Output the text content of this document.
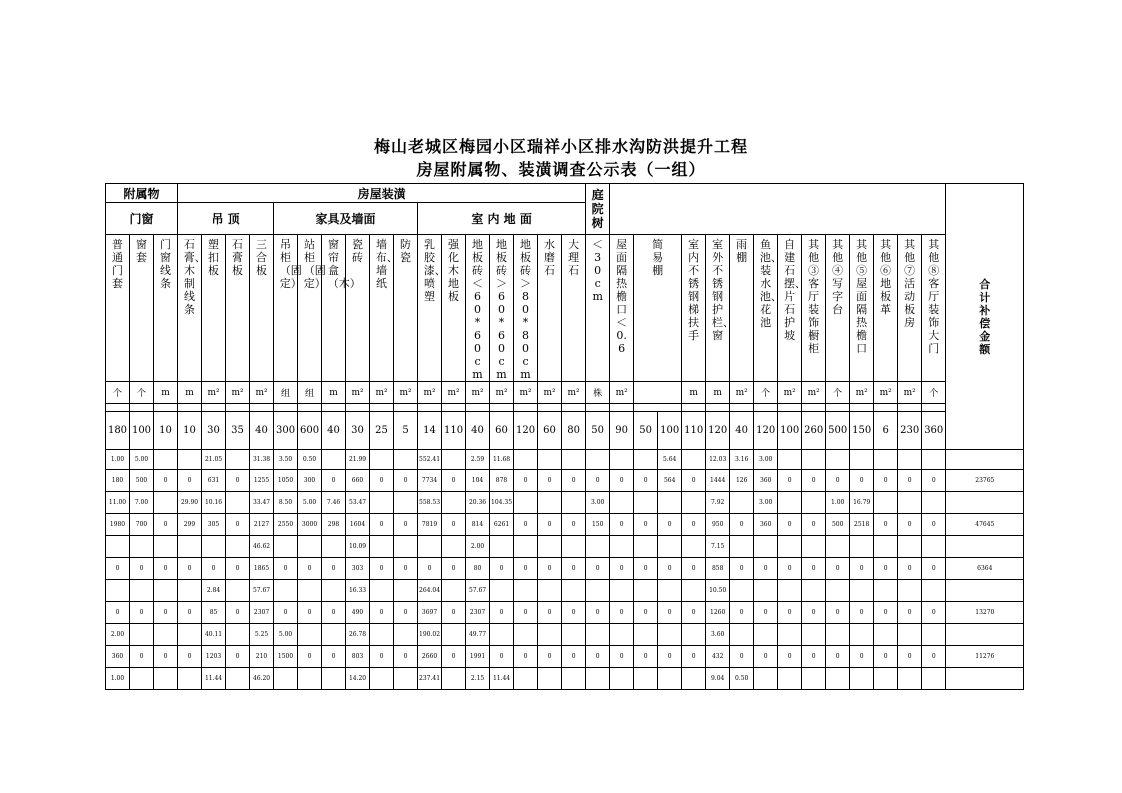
梅山老城区梅园小区瑞祥小区排水沟防洪提升工程
房屋附属物、装潢调查公示表（一组）
附属物			房屋装潢																	庭院树															合计补偿金额

门窗			吊 顶				家具及墙面						室 内 地 面																						

普通门套	窗套	门窗线条	石膏、木制线条	塑扣板	石膏板	三合板	吊柜（固定）	站柜（固定）	窗帘盒（木）	瓷砖	墙布、墙纸	防瓷	乳胶漆、喷塑	强化木地板	地板砖＜60*60cm	地板砖＞60*60cm	地板砖＞80*80cm	水磨石	大理石	＜30cm	屋面隔热檐口＜0.6	简易棚		室内不锈钢梯扶手	室外不锈钢护栏、窗	雨棚	鱼池、装水池、花池	自建石摆、片石护坡	其他③客厅装饰橱柜	其他④写字台	其他⑤屋面隔热檐口	其他⑥地板革	其他⑦活动板房	其他⑧客厅装饰大门	

个	个	m	m	m²	m²	m²	组	组	m	m²	m²	m²	m²	m²	m²	m²	m²	m²	m²	株	m²			m	m	m²	个	m²	m²	个	m²	m²	m²	个	

180	100	10	10	30	35	40	300	600	40	30	25	5	14	110	40	60	120	60	80	50	90	50	100	110	120	40	120	100	260	500	150	6	230	360	
1.00	5.00			21.05		31.38	3.50	0.50		21.99			552.41		2.59	11.68							5.64		12.03	3.16	3.00								
180	500	0	0	631	0	1255	1050	300	0	660	0	0	7734	0	104	878	0	0	0	0	0	0	564	0	1444	126	360	0	0	0	0	0	0	0	23765
11.00	7.00		29.90	10.16		33.47	8.50	5.00	7.46	53.47			558.53		20.36	104.35				3.00					7.92		3.00			1.00	16.79				
1980	700	0	299	305	0	2127	2550	3000	298	1604	0	0	7819	0	814	6261	0	0	0	150	0	0	0	0	950	0	360	0	0	500	2518	0	0	0	47645
						46.62				10.09					2.00										7.15										
0	0	0	0	0	0	1865	0	0	0	303	0	0	0	0	80	0	0	0	0	0	0	0	0	0	858	0	0	0	0	0	0	0	0	0	6364
				2.84		57.67				16.33			264.04		57.67										10.50										
0	0	0	0	85	0	2307	0	0	0	490	0	0	3697	0	2307	0	0	0	0	0	0	0	0	0	1260	0	0	0	0	0	0	0	0	0	13270
2.00				40.11		5.25	5.00			26.78			190.02		49.77										3.60										
360	0	0	0	1203	0	210	1500	0	0	803	0	0	2660	0	1991	0	0	0	0	0	0	0	0	0	432	0	0	0	0	0	0	0	0	0	11276
1.00				11.44		46.20				14.20			237.41		2.15	11.44									9.04	0.50									
